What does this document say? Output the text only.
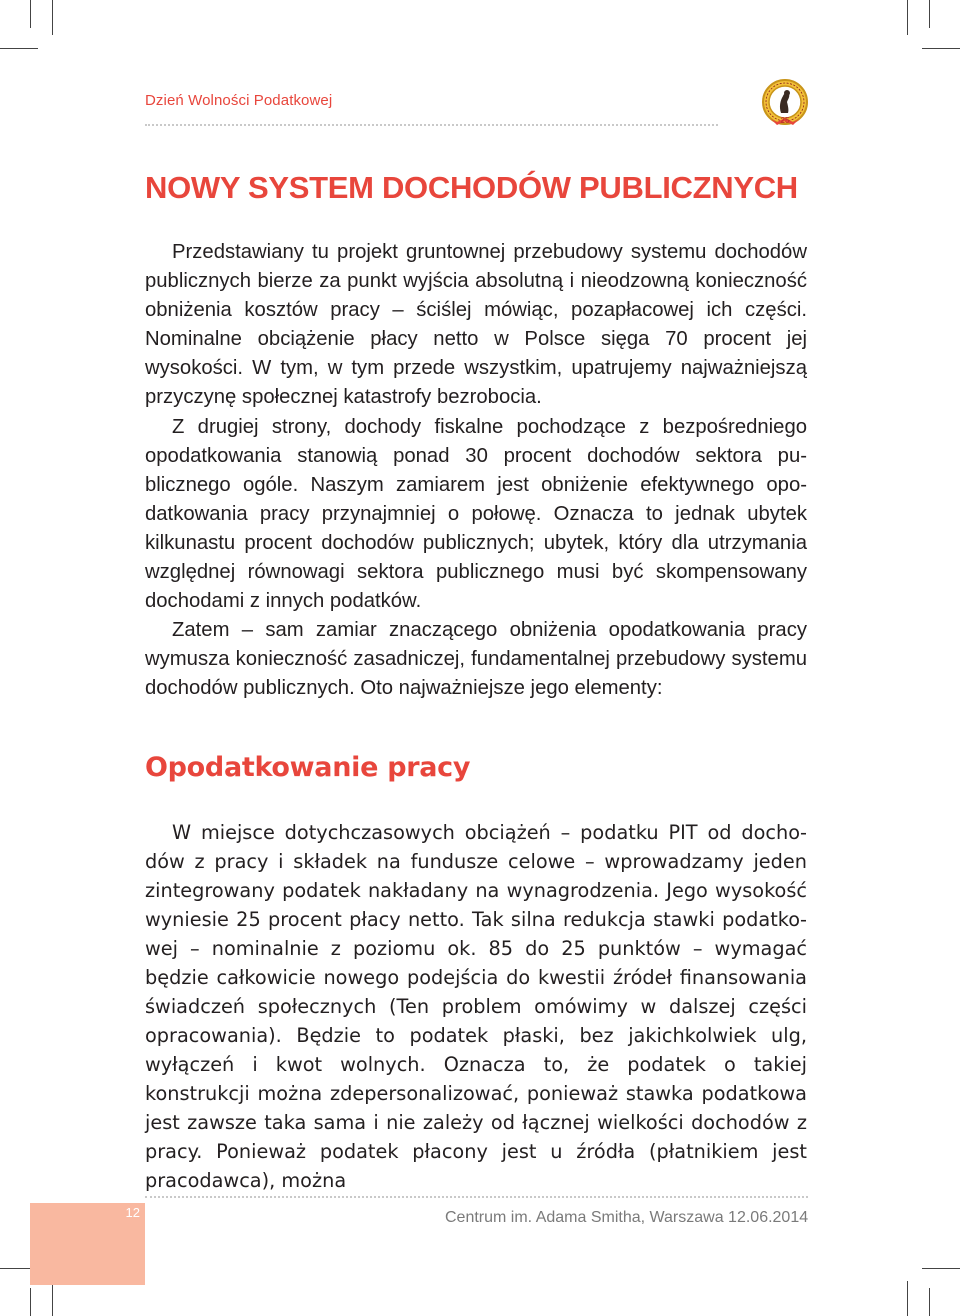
Dzień Wolności Podatkowej
25
NOWY SYSTEM DOCHODÓW PUBLICZNYCH

Przedstawiany tu projekt gruntownej przebudowy systemu dochodów publicznych bierze za punkt wyjścia absolutną i nieodzowną konieczność obniżenia kosztów pracy – ściślej mówiąc, pozapłacowej ich części. Nominalne obciążenie płacy netto w Polsce sięga 70 procent jej wysokości. W tym, w tym przede wszystkim, upatrujemy najważniejszą przyczynę społecznej katastrofy bezrobocia.

Z drugiej strony, dochody fiskalne pochodzące z bezpośredniego opodatkowania stanowią ponad 30 procent dochodów sektora publicznego ogóle. Naszym zamiarem jest obniżenie efektywnego opodatkowania pracy przynajmniej o połowę. Oznacza to jednak ubytek kilkunastu procent dochodów publicznych; ubytek, który dla utrzymania względnej równowagi sektora publicznego musi być skompensowany dochodami z innych podatków.

Zatem – sam zamiar znaczącego obniżenia opodatkowania pracy wymusza konieczność zasadniczej, fundamentalnej przebudowy systemu dochodów publicznych. Oto najważniejsze jego elementy:

Opodatkowanie pracy

W miejsce dotychczasowych obciążeń – podatku PIT od dochodów z pracy i składek na fundusze celowe – wprowadzamy jeden zintegrowany podatek nakładany na wynagrodzenia. Jego wysokość wyniesie 25 procent płacy netto. Tak silna redukcja stawki podatkowej – nominalnie z poziomu ok. 85 do 25 punktów – wymagać będzie całkowicie nowego podejścia do kwestii źródeł finansowania świadczeń społecznych (Ten problem omówimy w dalszej części opracowania). Będzie to podatek płaski, bez jakichkolwiek ulg, wyłączeń i kwot wolnych. Oznacza to, że podatek o takiej konstrukcji można zdepersonalizować, ponieważ stawka podatkowa jest zawsze taka sama i nie zależy od łącznej wielkości dochodów z pracy. Ponieważ podatek płacony jest u źródła (płatnikiem jest pracodawca), można

12	Centrum im. Adama Smitha, Warszawa 12.06.2014
